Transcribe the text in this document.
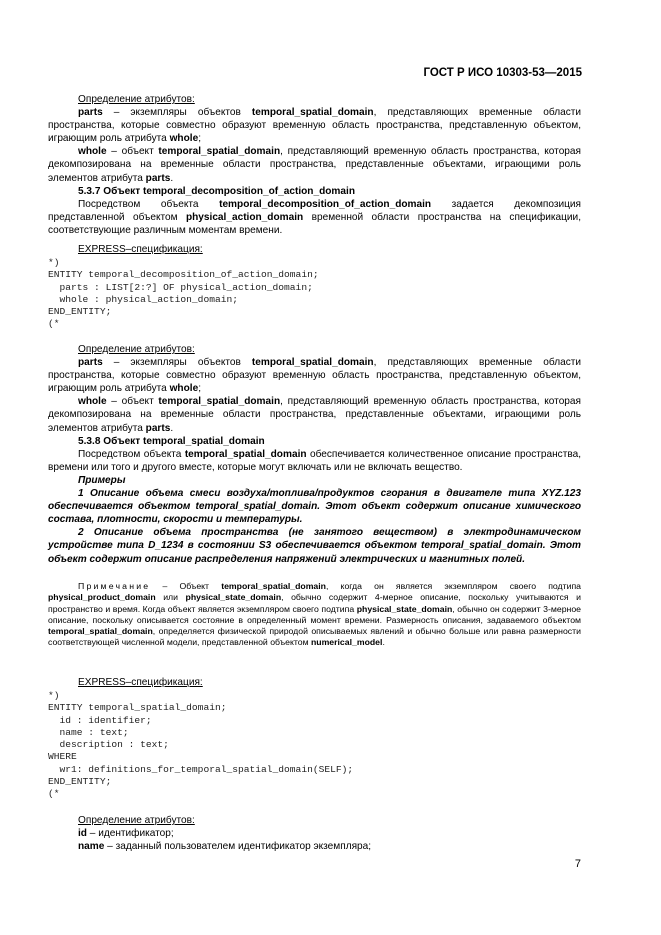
ГОСТ Р ИСО 10303-53—2015

Определение атрибутов:

parts – экземпляры объектов temporal_spatial_domain, представляющих временные области пространства, которые совместно образуют временную область пространства, представленную объектом, играющим роль атрибута whole;

whole – объект temporal_spatial_domain, представляющий временную область пространства, которая декомпозирована на временные области пространства, представленные объектами, играющими роль элементов атрибута parts.

5.3.7 Объект temporal_decomposition_of_action_domain

Посредством объекта temporal_decomposition_of_action_domain задается декомпозиция представленной объектом physical_action_domain временной области пространства на спецификации, соответствующие различным моментам времени.

EXPRESS–спецификация:

*)
ENTITY temporal_decomposition_of_action_domain;
parts : LIST[2:?] OF physical_action_domain;
whole : physical_action_domain;
END_ENTITY;
(*

Определение атрибутов:

parts – экземпляры объектов temporal_spatial_domain, представляющих временные области пространства, которые совместно образуют временную область пространства, представленную объектом, играющим роль атрибута whole;

whole – объект temporal_spatial_domain, представляющий временную область пространства, которая декомпозирована на временные области пространства, представленные объектами, играющими роль элементов атрибута parts.

5.3.8 Объект temporal_spatial_domain

Посредством объекта temporal_spatial_domain обеспечивается количественное описание пространства, времени или того и другого вместе, которые могут включать или не включать вещество.

Примеры

1 Описание объема смеси воздуха/топлива/продуктов сгорания в двигателе типа XYZ.123 обеспечивается объектом temporal_spatial_domain. Этот объект содержит описание химического состава, плотности, скорости и температуры.

2 Описание объема пространства (не занятого веществом) в электродинамическом устройстве типа D_1234 в состоянии S3 обеспечивается объектом temporal_spatial_domain. Этот объект содержит описание распределения напряжений электрических и магнитных полей.

Примечание – Объект temporal_spatial_domain, когда он является экземпляром своего подтипа physical_product_domain или physical_state_domain, обычно содержит 4-мерное описание, поскольку учитываются и пространство и время. Когда объект является экземпляром своего подтипа physical_state_domain, обычно он содержит 3-мерное описание, поскольку описывается состояние в определенный момент времени. Размерность описания, задаваемого объектом temporal_spatial_domain, определяется физической природой описываемых явлений и обычно больше или равна размерности соответствующей численной модели, представленной объектом numerical_model.

EXPRESS–спецификация:

*)
ENTITY temporal_spatial_domain;
id : identifier;
name : text;
description : text;
WHERE
wr1: definitions_for_temporal_spatial_domain(SELF);
END_ENTITY;
(*

Определение атрибутов:

id – идентификатор;

name – заданный пользователем идентификатор экземпляра;

7
